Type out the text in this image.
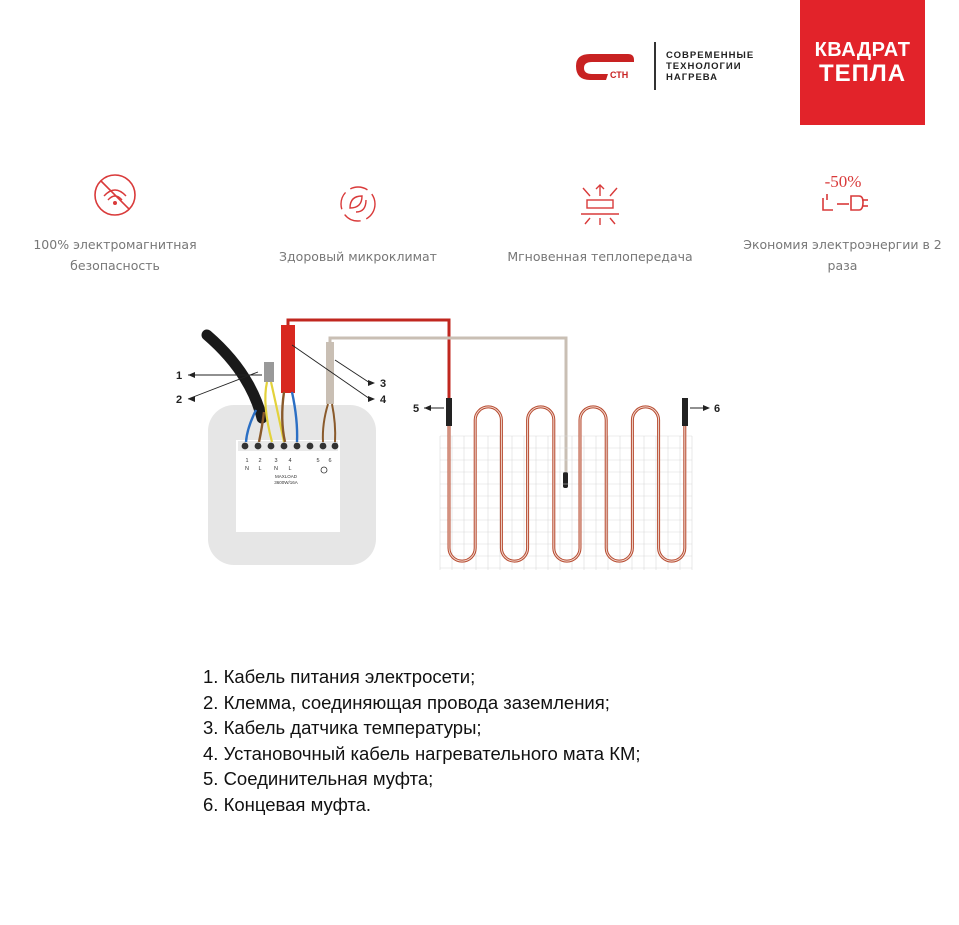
СТН
СОВРЕМЕННЫЕ
ТЕХНОЛОГИИ
НАГРЕВА
КВАДРАТ
ТЕПЛА
100% электромагнитная безопасность
Здоровый микроклимат	Мгновенная теплопередача
-50%
Экономия электроэнергии в 2 раза
1 2 3 4	5 6
N L N L
MAXLOAD
3600W/16A
1
2
3
4
5	6
1. Кабель питания электросети;
2. Клемма, соединяющая провода заземления;
3. Кабель датчика температуры;
4. Установочный кабель нагревательного мата КМ;
5. Соединительная муфта;
6. Концевая муфта.
